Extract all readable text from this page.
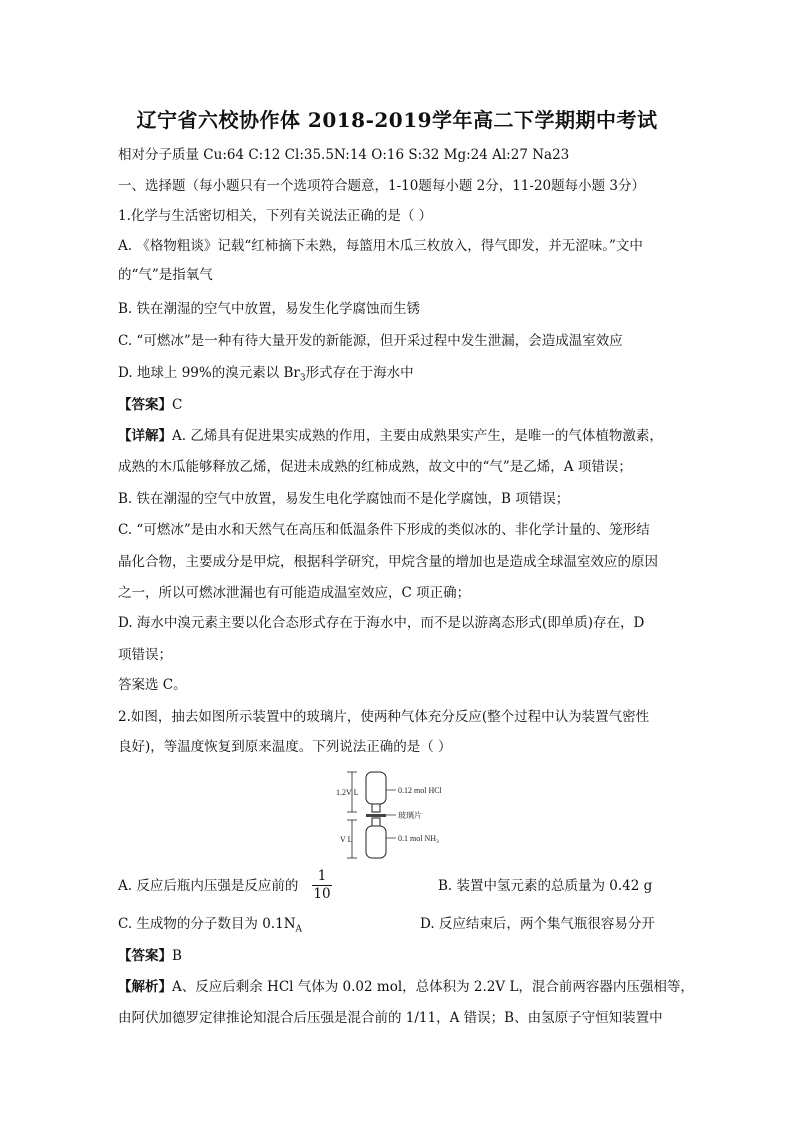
辽宁省六校协作体 2018-2019学年高二下学期期中考试
相对分子质量 Cu:64 C:12 Cl:35.5N:14 O:16 S:32 Mg:24 Al:27 Na23
一、选择题（每小题只有一个选项符合题意，1-10题每小题 2分，11-20题每小题 3分）
1.化学与生活密切相关，下列有关说法正确的是（ ）
A. 《格物粗谈》记载“红柿摘下未熟，每篮用木瓜三枚放入，得气即发，并无涩味。”文中
的“气”是指氧气
B. 铁在潮湿的空气中放置，易发生化学腐蚀而生锈
C. “可燃冰”是一种有待大量开发的新能源，但开采过程中发生泄漏，会造成温室效应
D. 地球上 99%的溴元素以 $Br_3$形式存在于海水中
【答案】C
【详解】A. 乙烯具有促进果实成熟的作用，主要由成熟果实产生，是唯一的气体植物激素，
成熟的木瓜能够释放乙烯，促进未成熟的红柿成熟，故文中的“气”是乙烯，A 项错误；
B. 铁在潮湿的空气中放置，易发生电化学腐蚀而不是化学腐蚀，B 项错误；
C. “可燃冰”是由水和天然气在高压和低温条件下形成的类似冰的、非化学计量的、笼形结
晶化合物，主要成分是甲烷，根据科学研究，甲烷含量的增加也是造成全球温室效应的原因
之一，所以可燃冰泄漏也有可能造成温室效应，C 项正确；
D. 海水中溴元素主要以化合态形式存在于海水中，而不是以游离态形式(即单质)存在，D
项错误；
答案选 C。
2.如图，抽去如图所示装置中的玻璃片，使两种气体充分反应(整个过程中认为装置气密性
良好)，等温度恢复到原来温度。下列说法正确的是（ ）
1.2V L
V L
0.12 mol HCl
玻璃片
0.1 mol $NH_3$
A. 反应后瓶内压强是反应前的 $\frac{1}{10}$	B. 装置中氢元素的总质量为 0.42 g
C. 生成物的分子数目为 $0.1N_A$	D. 反应结束后，两个集气瓶很容易分开
【答案】B
【解析】A、反应后剩余 HCl 气体为 0.02 mol，总体积为 2.2V L，混合前两容器内压强相等，
由阿伏加德罗定律推论知混合后压强是混合前的 1/11，A 错误；B、由氢原子守恒知装置中
